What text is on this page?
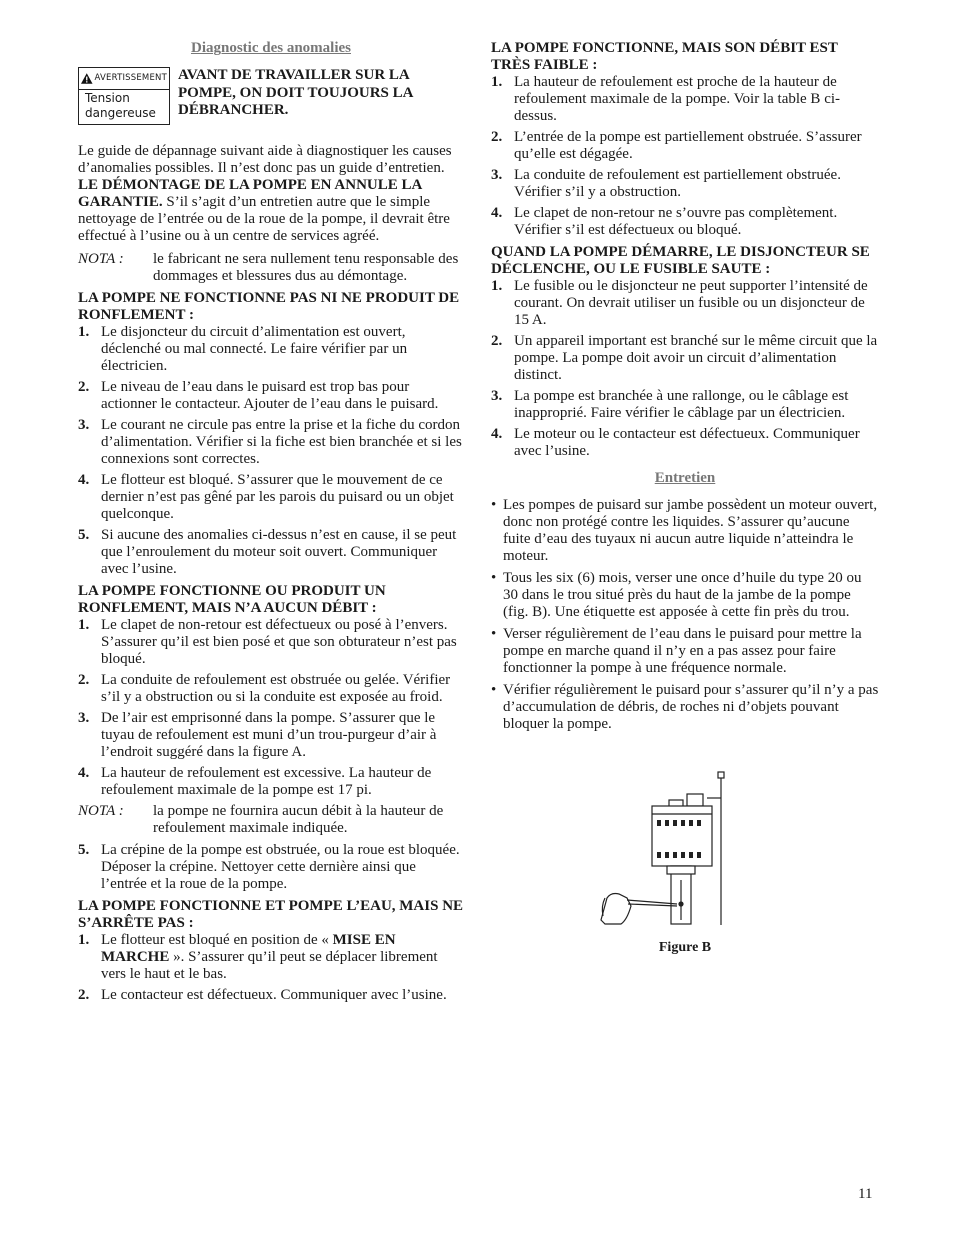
Diagnostic des anomalies
AVERTISSEMENT
Tension dangereuse
AVANT DE TRAVAILLER SUR LA POMPE, ON DOIT TOUJOURS LA DÉBRANCHER.

Le guide de dépannage suivant aide à diagnostiquer les causes d’anomalies possibles. Il n’est donc pas un guide d’entretien. LE DÉMONTAGE DE LA POMPE EN ANNULE LA GARANTIE. S’il s’agit d’un entretien autre que le simple nettoyage de l’entrée ou de la roue de la pompe, il devrait être effectué à l’usine ou à un centre de services agréé.

NOTA :	le fabricant ne sera nullement tenu responsable des dommages et blessures dus au démontage.
LA POMPE NE FONCTIONNE PAS NI NE PRODUIT DE RONFLEMENT :
1. Le disjoncteur du circuit d’alimentation est ouvert, déclenché ou mal connecté. Le faire vérifier par un électricien.
2. Le niveau de l’eau dans le puisard est trop bas pour actionner le contacteur. Ajouter de l’eau dans le puisard.
3. Le courant ne circule pas entre la prise et la fiche du cordon d’alimentation. Vérifier si la fiche est bien branchée et si les connexions sont correctes.
4. Le flotteur est bloqué. S’assurer que le mouvement de ce dernier n’est pas gêné par les parois du puisard ou un objet quelconque.
5. Si aucune des anomalies ci-dessus n’est en cause, il se peut que l’enroulement du moteur soit ouvert. Communiquer avec l’usine.
LA POMPE FONCTIONNE OU PRODUIT UN RONFLEMENT, MAIS N’A AUCUN DÉBIT :
1. Le clapet de non-retour est défectueux ou posé à l’envers. S’assurer qu’il est bien posé et que son obturateur n’est pas bloqué.
2. La conduite de refoulement est obstruée ou gelée. Vérifier s’il y a obstruction ou si la conduite est exposée au froid.
3. De l’air est emprisonné dans la pompe. S’assurer que le tuyau de refoulement est muni d’un trou-purgeur d’air à l’endroit suggéré dans la figure A.
4. La hauteur de refoulement est excessive. La hauteur de refoulement maximale de la pompe est 17 pi.
NOTA :	la pompe ne fournira aucun débit à la hauteur de refoulement maximale indiquée.
5. La crépine de la pompe est obstruée, ou la roue est bloquée. Déposer la crépine. Nettoyer cette dernière ainsi que l’entrée et la roue de la pompe.
LA POMPE FONCTIONNE ET POMPE L’EAU, MAIS NE S’ARRÊTE PAS :
1. Le flotteur est bloqué en position de « MISE EN MARCHE ». S’assurer qu’il peut se déplacer librement vers le haut et le bas.
2. Le contacteur est défectueux. Communiquer avec l’usine.
LA POMPE FONCTIONNE, MAIS SON DÉBIT EST TRÈS FAIBLE :
1. La hauteur de refoulement est proche de la hauteur de refoulement maximale de la pompe. Voir la table B ci-dessus.
2. L’entrée de la pompe est partiellement obstruée. S’assurer qu’elle est dégagée.
3. La conduite de refoulement est partiellement obstruée. Vérifier s’il y a obstruction.
4. Le clapet de non-retour ne s’ouvre pas complètement. Vérifier s’il est défectueux ou bloqué.
QUAND LA POMPE DÉMARRE, LE DISJONCTEUR SE DÉCLENCHE, OU LE FUSIBLE SAUTE :
1. Le fusible ou le disjoncteur ne peut supporter l’intensité de courant. On devrait utiliser un fusible ou un disjoncteur de 15 A.
2. Un appareil important est branché sur le même circuit que la pompe. La pompe doit avoir un circuit d’alimentation distinct.
3. La pompe est branchée à une rallonge, ou le câblage est inapproprié. Faire vérifier le câblage par un électricien.
4. Le moteur ou le contacteur est défectueux. Communiquer avec l’usine.
Entretien
• Les pompes de puisard sur jambe possèdent un moteur ouvert, donc non protégé contre les liquides. S’assurer qu’aucune fuite d’eau des tuyaux ni aucun autre liquide n’atteindra le moteur.
• Tous les six (6) mois, verser une once d’huile du type 20 ou 30 dans le trou situé près du haut de la jambe de la pompe (fig. B). Une étiquette est apposée à cette fin près du trou.
• Verser régulièrement de l’eau dans le puisard pour mettre la pompe en marche quand il n’y en a pas assez pour faire fonctionner la pompe à une fréquence normale.
• Vérifier régulièrement le puisard pour s’assurer qu’il n’y a pas d’accumulation de débris, de roches ni d’objets pouvant bloquer la pompe.
Figure B
11
